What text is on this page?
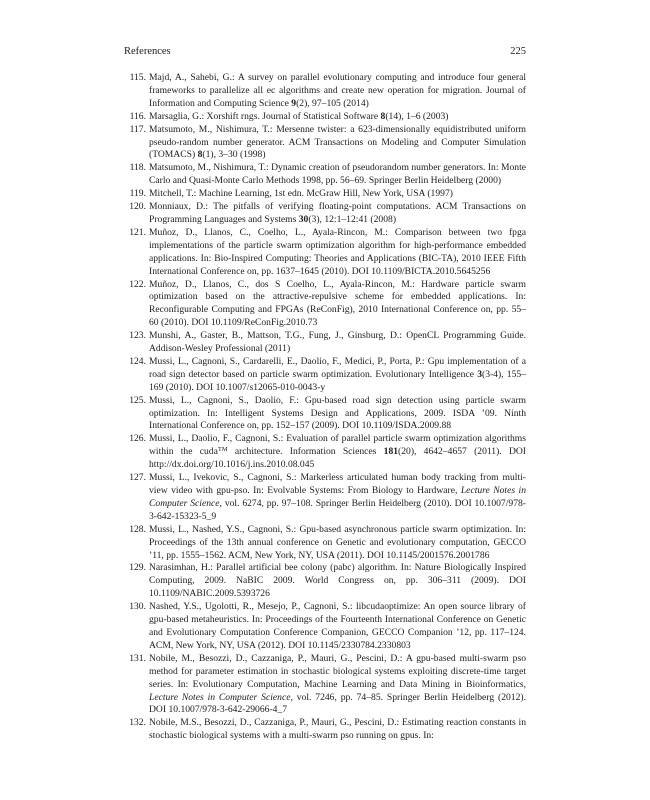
References	225
115. Majd, A., Sahebi, G.: A survey on parallel evolutionary computing and introduce four general frameworks to parallelize all ec algorithms and create new operation for migration. Journal of Information and Computing Science 9(2), 97–105 (2014)
116. Marsaglia, G.: Xorshift rngs. Journal of Statistical Software 8(14), 1–6 (2003)
117. Matsumoto, M., Nishimura, T.: Mersenne twister: a 623-dimensionally equidistributed uniform pseudo-random number generator. ACM Transactions on Modeling and Computer Simulation (TOMACS) 8(1), 3–30 (1998)
118. Matsumoto, M., Nishimura, T.: Dynamic creation of pseudorandom number generators. In: Monte Carlo and Quasi-Monte Carlo Methods 1998, pp. 56–69. Springer Berlin Heidelberg (2000)
119. Mitchell, T.: Machine Learning, 1st edn. McGraw Hill, New York, USA (1997)
120. Monniaux, D.: The pitfalls of verifying floating-point computations. ACM Transactions on Programming Languages and Systems 30(3), 12:1–12:41 (2008)
121. Muñoz, D., Llanos, C., Coelho, L., Ayala-Rincon, M.: Comparison between two fpga implementations of the particle swarm optimization algorithm for high-performance embedded applications. In: Bio-Inspired Computing: Theories and Applications (BIC-TA), 2010 IEEE Fifth International Conference on, pp. 1637–1645 (2010). DOI 10.1109/BICTA.2010.5645256
122. Muñoz, D., Llanos, C., dos S Coelho, L., Ayala-Rincon, M.: Hardware particle swarm optimization based on the attractive-repulsive scheme for embedded applications. In: Reconfigurable Computing and FPGAs (ReConFig), 2010 International Conference on, pp. 55–60 (2010). DOI 10.1109/ReConFig.2010.73
123. Munshi, A., Gaster, B., Mattson, T.G., Fung, J., Ginsburg, D.: OpenCL Programming Guide. Addison-Wesley Professional (2011)
124. Mussi, L., Cagnoni, S., Cardarelli, E., Daolio, F., Medici, P., Porta, P.: Gpu implementation of a road sign detector based on particle swarm optimization. Evolutionary Intelligence 3(3-4), 155–169 (2010). DOI 10.1007/s12065-010-0043-y
125. Mussi, L., Cagnoni, S., Daolio, F.: Gpu-based road sign detection using particle swarm optimization. In: Intelligent Systems Design and Applications, 2009. ISDA ’09. Ninth International Conference on, pp. 152–157 (2009). DOI 10.1109/ISDA.2009.88
126. Mussi, L., Daolio, F., Cagnoni, S.: Evaluation of parallel particle swarm optimization algorithms within the cuda™ architecture. Information Sciences 181(20), 4642–4657 (2011). DOI http://dx.doi.org/10.1016/j.ins.2010.08.045
127. Mussi, L., Ivekovic, S., Cagnoni, S.: Markerless articulated human body tracking from multi-view video with gpu-pso. In: Evolvable Systems: From Biology to Hardware, Lecture Notes in Computer Science, vol. 6274, pp. 97–108. Springer Berlin Heidelberg (2010). DOI 10.1007/978-3-642-15323-5_9
128. Mussi, L., Nashed, Y.S., Cagnoni, S.: Gpu-based asynchronous particle swarm optimization. In: Proceedings of the 13th annual conference on Genetic and evolutionary computation, GECCO ’11, pp. 1555–1562. ACM, New York, NY, USA (2011). DOI 10.1145/2001576.2001786
129. Narasimhan, H.: Parallel artificial bee colony (pabc) algorithm. In: Nature Biologically Inspired Computing, 2009. NaBIC 2009. World Congress on, pp. 306–311 (2009). DOI 10.1109/NABIC.2009.5393726
130. Nashed, Y.S., Ugolotti, R., Mesejo, P., Cagnoni, S.: libcudaoptimize: An open source library of gpu-based metaheuristics. In: Proceedings of the Fourteenth International Conference on Genetic and Evolutionary Computation Conference Companion, GECCO Companion ’12, pp. 117–124. ACM, New York, NY, USA (2012). DOI 10.1145/2330784.2330803
131. Nobile, M., Besozzi, D., Cazzaniga, P., Mauri, G., Pescini, D.: A gpu-based multi-swarm pso method for parameter estimation in stochastic biological systems exploiting discrete-time target series. In: Evolutionary Computation, Machine Learning and Data Mining in Bioinformatics, Lecture Notes in Computer Science, vol. 7246, pp. 74–85. Springer Berlin Heidelberg (2012). DOI 10.1007/978-3-642-29066-4_7
132. Nobile, M.S., Besozzi, D., Cazzaniga, P., Mauri, G., Pescini, D.: Estimating reaction constants in stochastic biological systems with a multi-swarm pso running on gpus. In:
